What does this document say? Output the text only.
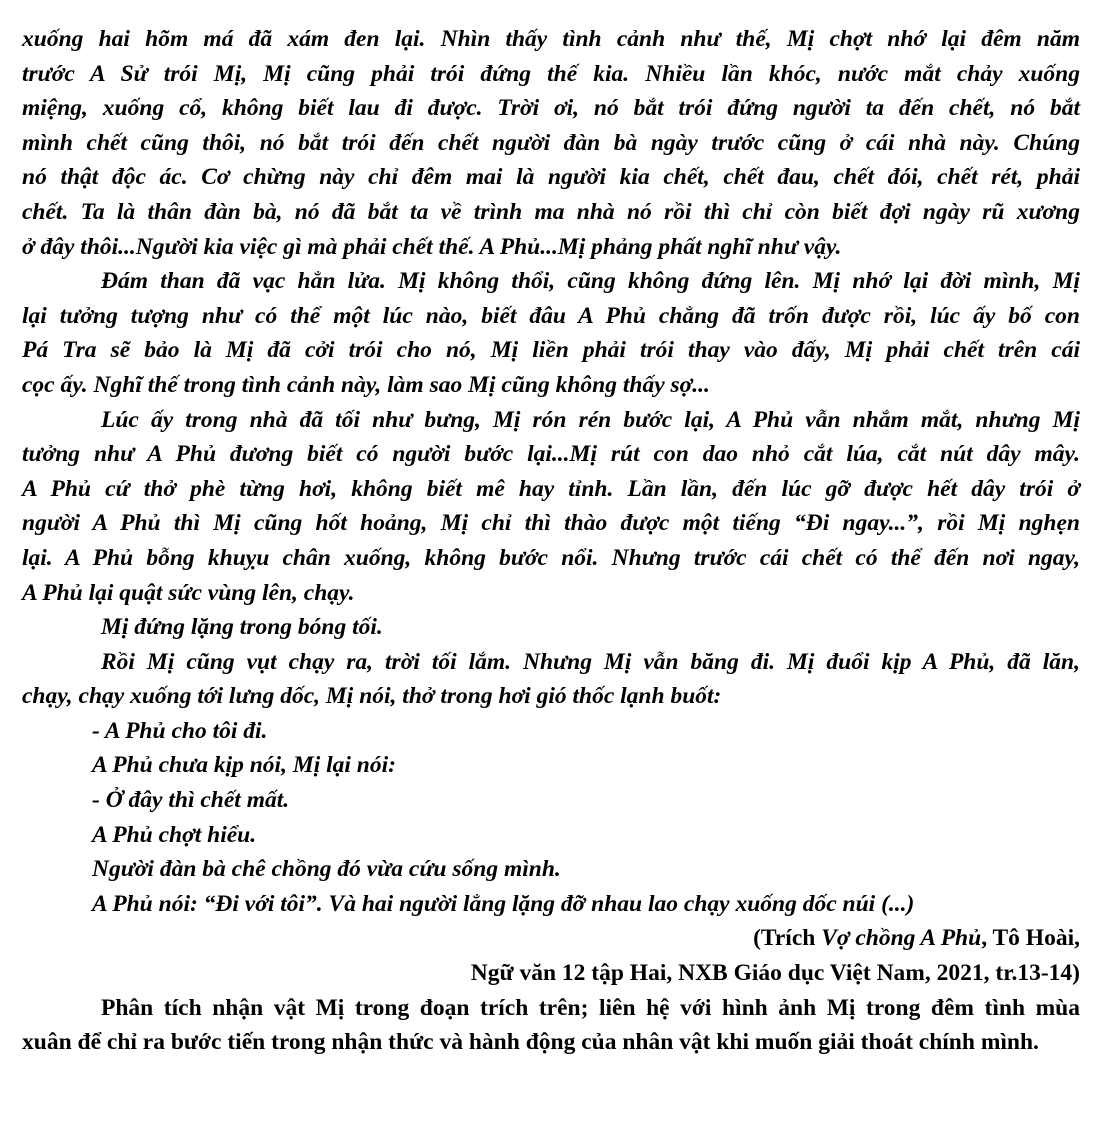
xuống hai hõm má đã xám đen lại. Nhìn thấy tình cảnh như thế, Mị chợt nhớ lại đêm năm
trước A Sử trói Mị, Mị cũng phải trói đứng thế kia. Nhiều lần khóc, nước mắt chảy xuống
miệng, xuống cổ, không biết lau đi được. Trời ơi, nó bắt trói đứng người ta đến chết, nó bắt
mình chết cũng thôi, nó bắt trói đến chết người đàn bà ngày trước cũng ở cái nhà này. Chúng
nó thật độc ác. Cơ chừng này chỉ đêm mai là người kia chết, chết đau, chết đói, chết rét, phải
chết. Ta là thân đàn bà, nó đã bắt ta về trình ma nhà nó rồi thì chỉ còn biết đợi ngày rũ xương
ở đây thôi...Người kia việc gì mà phải chết thế. A Phủ...Mị phảng phất nghĩ như vậy.
Đám than đã vạc hẳn lửa. Mị không thổi, cũng không đứng lên. Mị nhớ lại đời mình, Mị
lại tưởng tượng như có thể một lúc nào, biết đâu A Phủ chẳng đã trốn được rồi, lúc ấy bố con
Pá Tra sẽ bảo là Mị đã cởi trói cho nó, Mị liền phải trói thay vào đấy, Mị phải chết trên cái
cọc ấy. Nghĩ thế trong tình cảnh này, làm sao Mị cũng không thấy sợ...
Lúc ấy trong nhà đã tối như bưng, Mị rón rén bước lại, A Phủ vẫn nhắm mắt, nhưng Mị
tưởng như A Phủ đương biết có người bước lại...Mị rút con dao nhỏ cắt lúa, cắt nút dây mây.
A Phủ cứ thở phè từng hơi, không biết mê hay tỉnh. Lần lần, đến lúc gỡ được hết dây trói ở
người A Phủ thì Mị cũng hốt hoảng, Mị chỉ thì thào được một tiếng “Đi ngay...”, rồi Mị nghẹn
lại. A Phủ bỗng khuỵu chân xuống, không bước nổi. Nhưng trước cái chết có thể đến nơi ngay,
A Phủ lại quật sức vùng lên, chạy.
Mị đứng lặng trong bóng tối.
Rồi Mị cũng vụt chạy ra, trời tối lắm. Nhưng Mị vẫn băng đi. Mị đuổi kịp A Phủ, đã lăn,
chạy, chạy xuống tới lưng dốc, Mị nói, thở trong hơi gió thốc lạnh buốt:
- A Phủ cho tôi đi.
A Phủ chưa kịp nói, Mị lại nói:
- Ở đây thì chết mất.
A Phủ chợt hiểu.
Người đàn bà chê chồng đó vừa cứu sống mình.
A Phủ nói: “Đi với tôi”. Và hai người lẳng lặng đỡ nhau lao chạy xuống dốc núi (...)
(Trích Vợ chồng A Phủ, Tô Hoài,
Ngữ văn 12 tập Hai, NXB Giáo dục Việt Nam, 2021, tr.13-14)
Phân tích nhận vật Mị trong đoạn trích trên; liên hệ với hình ảnh Mị trong đêm tình mùa
xuân để chỉ ra bước tiến trong nhận thức và hành động của nhân vật khi muốn giải thoát chính mình.
